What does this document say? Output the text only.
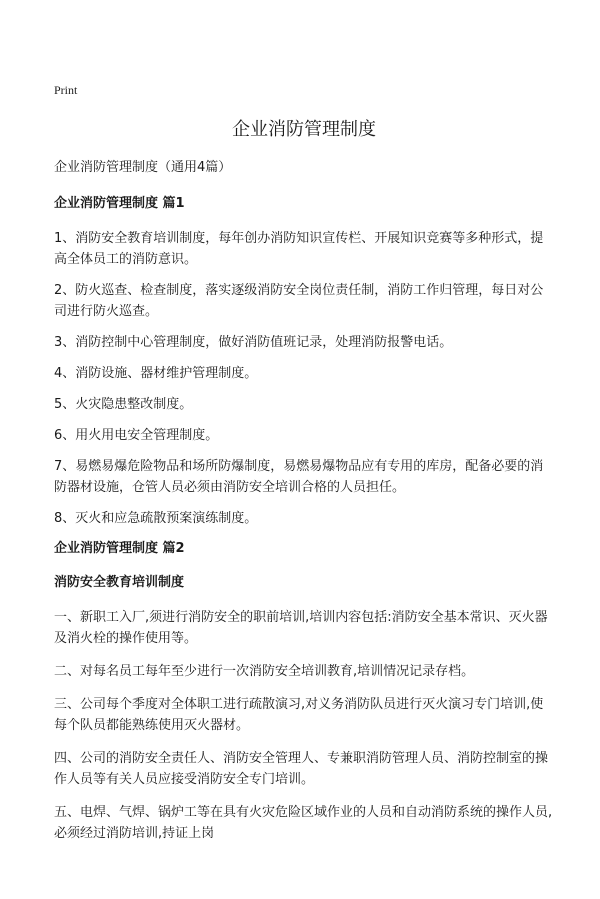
Print
企业消防管理制度
企业消防管理制度（通用4篇）
企业消防管理制度 篇1
1、消防安全教育培训制度，每年创办消防知识宣传栏、开展知识竞赛等多种形式，提高全体员工的消防意识。
2、防火巡查、检查制度，落实逐级消防安全岗位责任制，消防工作归管理，每日对公司进行防火巡查。
3、消防控制中心管理制度，做好消防值班记录，处理消防报警电话。
4、消防设施、器材维护管理制度。
5、火灾隐患整改制度。
6、用火用电安全管理制度。
7、易燃易爆危险物品和场所防爆制度，易燃易爆物品应有专用的库房，配备必要的消防器材设施，仓管人员必须由消防安全培训合格的人员担任。
8、灭火和应急疏散预案演练制度。
企业消防管理制度 篇2
消防安全教育培训制度
一、新职工入厂,须进行消防安全的职前培训,培训内容包括:消防安全基本常识、灭火器及消火栓的操作使用等。
二、对每名员工每年至少进行一次消防安全培训教育,培训情况记录存档。
三、公司每个季度对全体职工进行疏散演习,对义务消防队员进行灭火演习专门培训,使每个队员都能熟练使用灭火器材。
四、公司的消防安全责任人、消防安全管理人、专兼职消防管理人员、消防控制室的操作人员等有关人员应接受消防安全专门培训。
五、电焊、气焊、锅炉工等在具有火灾危险区域作业的人员和自动消防系统的操作人员,必须经过消防培训,持证上岗
